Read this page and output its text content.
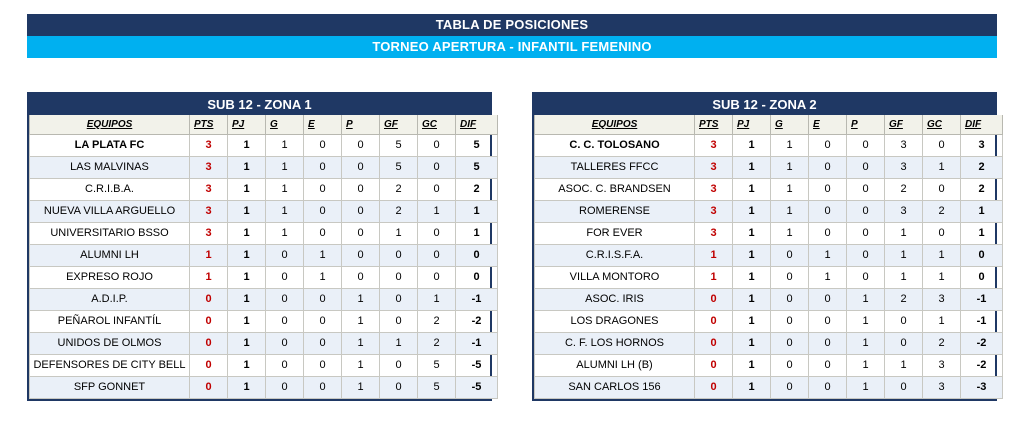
TABLA DE POSICIONES
TORNEO APERTURA - INFANTIL FEMENINO
SUB 12 - ZONA 1
EQUIPOS	PTS	PJ	G	E	P	GF	GC	DIF
LA PLATA FC	3	1	1	0	0	5	0	5
LAS MALVINAS	3	1	1	0	0	5	0	5
C.R.I.B.A.	3	1	1	0	0	2	0	2
NUEVA VILLA ARGUELLO	3	1	1	0	0	2	1	1
UNIVERSITARIO BSSO	3	1	1	0	0	1	0	1
ALUMNI LH	1	1	0	1	0	0	0	0
EXPRESO ROJO	1	1	0	1	0	0	0	0
A.D.I.P.	0	1	0	0	1	0	1	-1
PEÑAROL INFANTÍL	0	1	0	0	1	0	2	-2
UNIDOS DE OLMOS	0	1	0	0	1	1	2	-1
DEFENSORES DE CITY BELL	0	1	0	0	1	0	5	-5
SFP GONNET	0	1	0	0	1	0	5	-5
SUB 12 - ZONA 2
EQUIPOS	PTS	PJ	G	E	P	GF	GC	DIF
C. C. TOLOSANO	3	1	1	0	0	3	0	3
TALLERES FFCC	3	1	1	0	0	3	1	2
ASOC. C. BRANDSEN	3	1	1	0	0	2	0	2
ROMERENSE	3	1	1	0	0	3	2	1
FOR EVER	3	1	1	0	0	1	0	1
C.R.I.S.F.A.	1	1	0	1	0	1	1	0
VILLA MONTORO	1	1	0	1	0	1	1	0
ASOC. IRIS	0	1	0	0	1	2	3	-1
LOS DRAGONES	0	1	0	0	1	0	1	-1
C. F. LOS HORNOS	0	1	0	0	1	0	2	-2
ALUMNI LH (B)	0	1	0	0	1	1	3	-2
SAN CARLOS 156	0	1	0	0	1	0	3	-3
